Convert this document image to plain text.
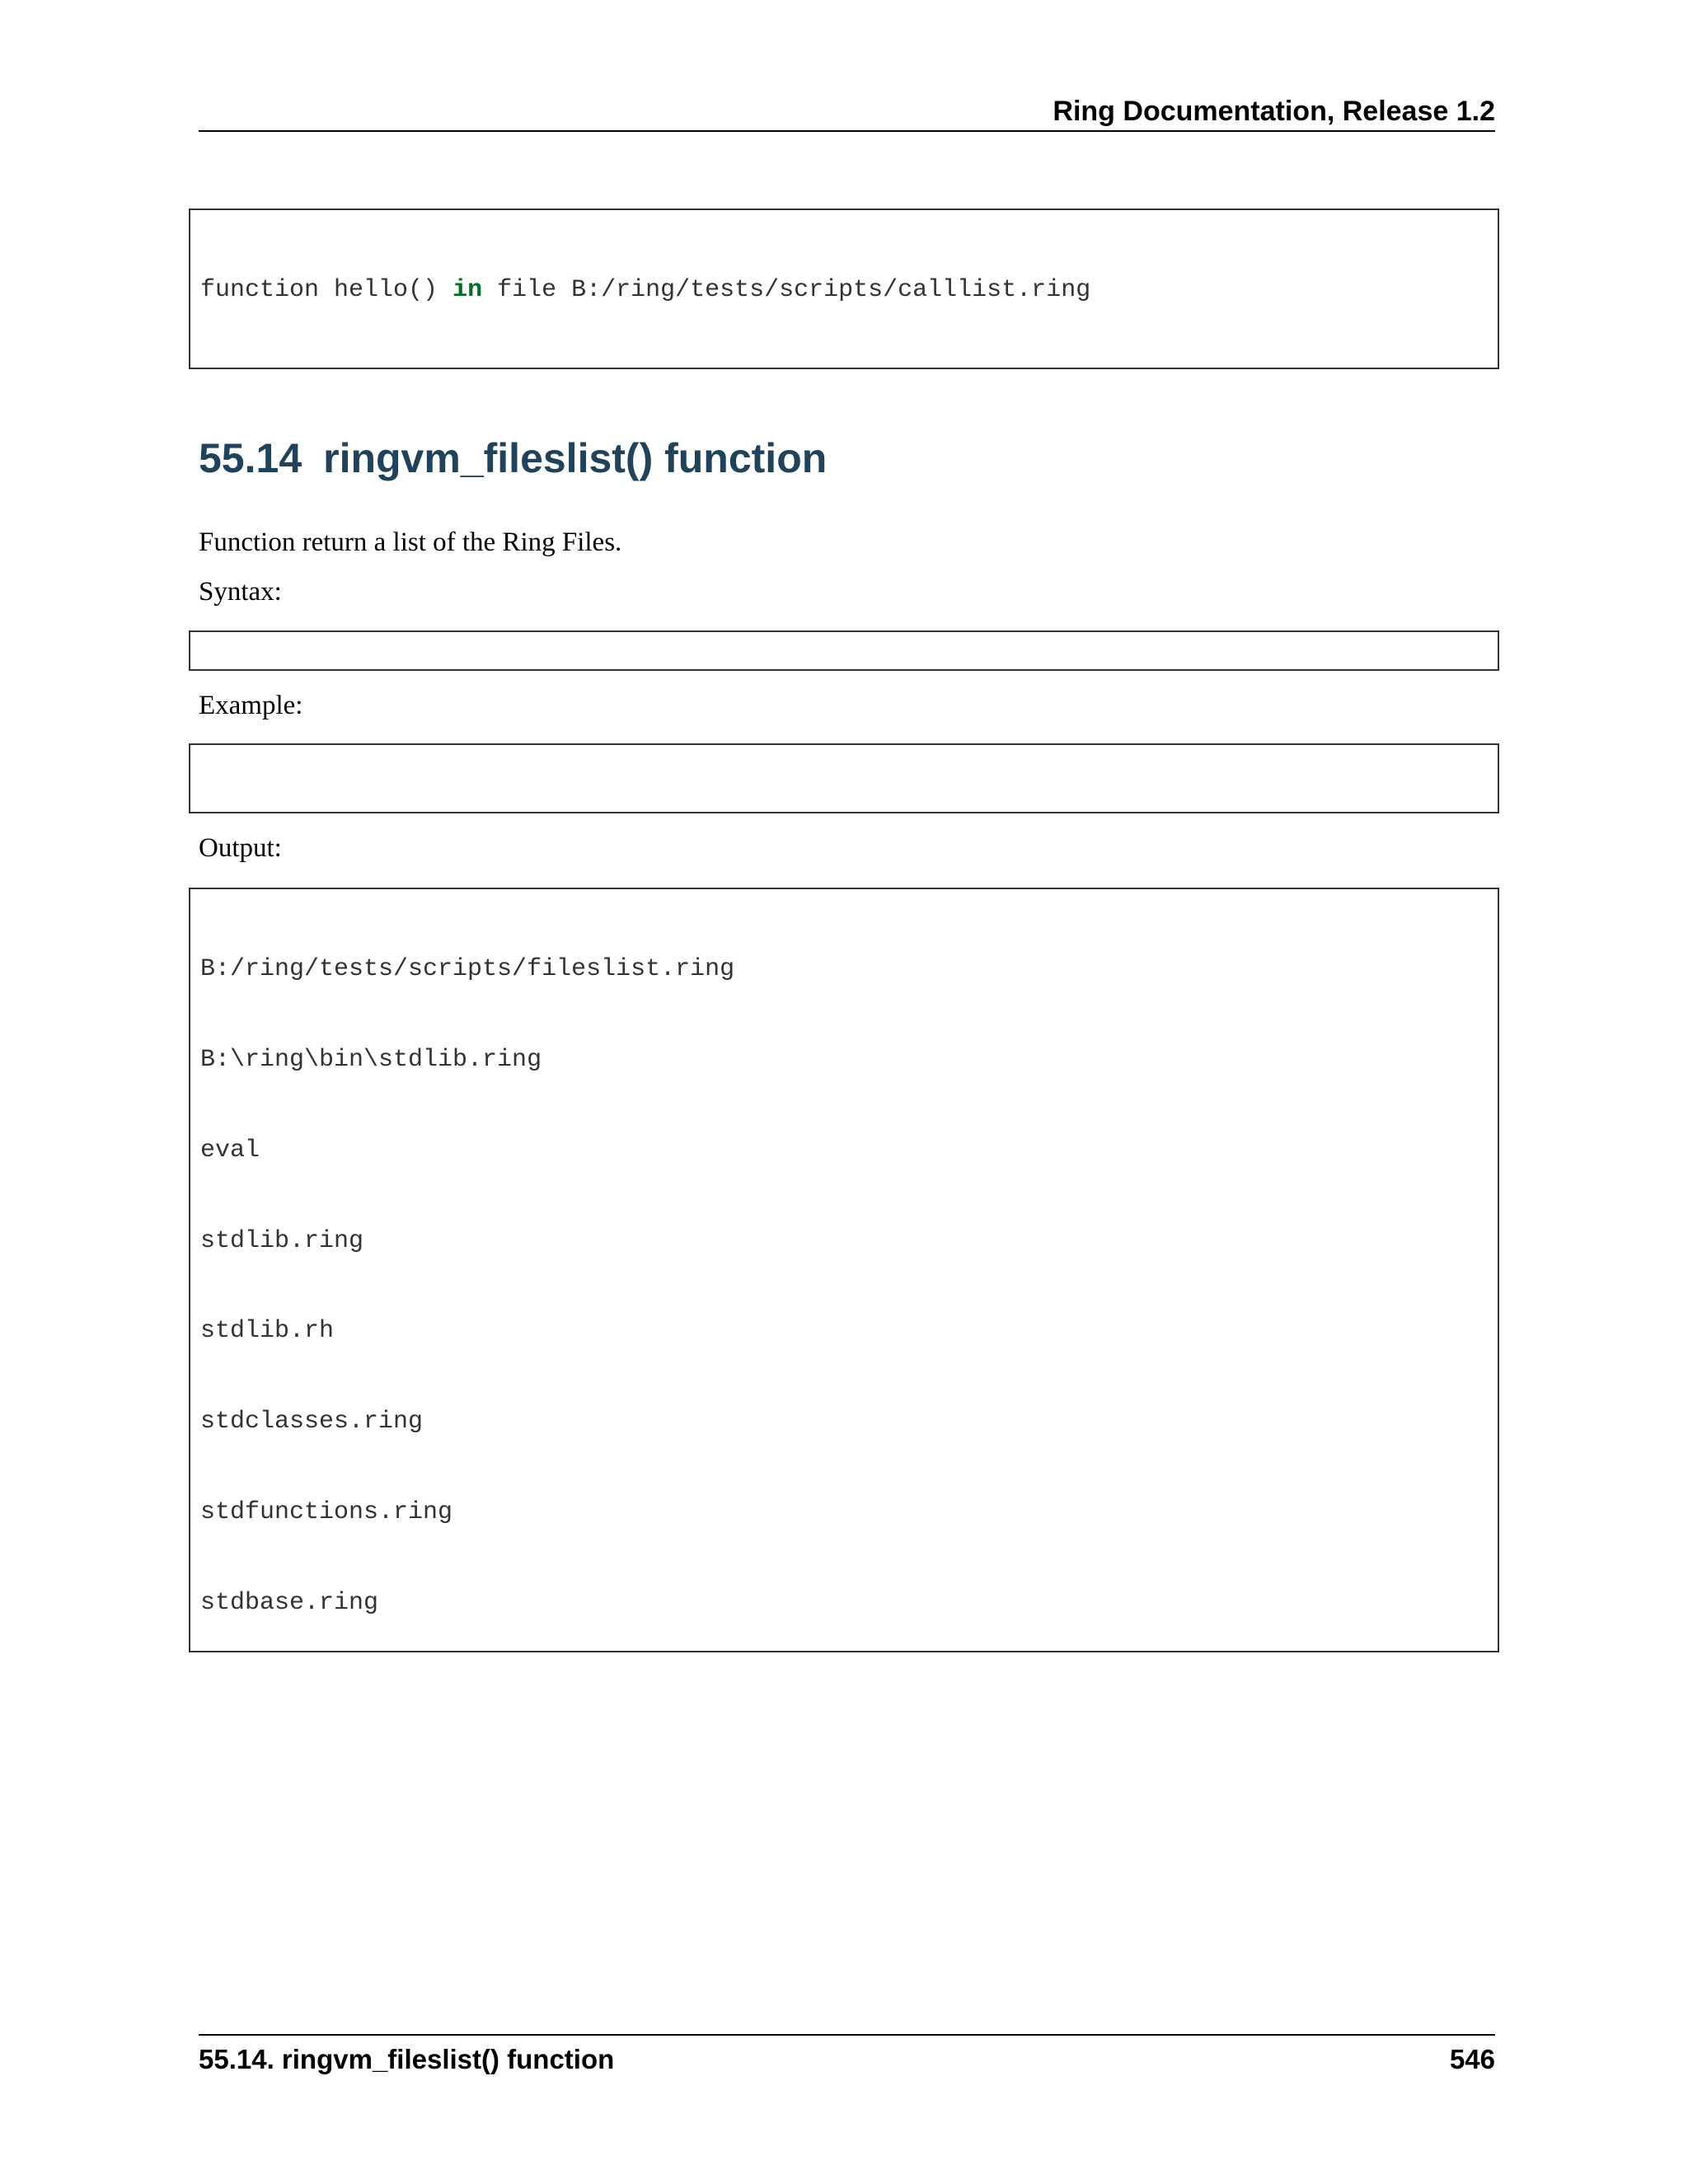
Ring Documentation, Release 1.2

function hello() in file B:/ring/tests/scripts/calllist.ring

55.14 ringvm_fileslist() function

Function return a list of the Ring Files.

Syntax:

Example:

Output:

B:/ring/tests/scripts/fileslist.ring

B:\ring\bin\stdlib.ring

eval

stdlib.ring

stdlib.rh

stdclasses.ring

stdfunctions.ring

stdbase.ring

55.14. ringvm_fileslist() function	546
